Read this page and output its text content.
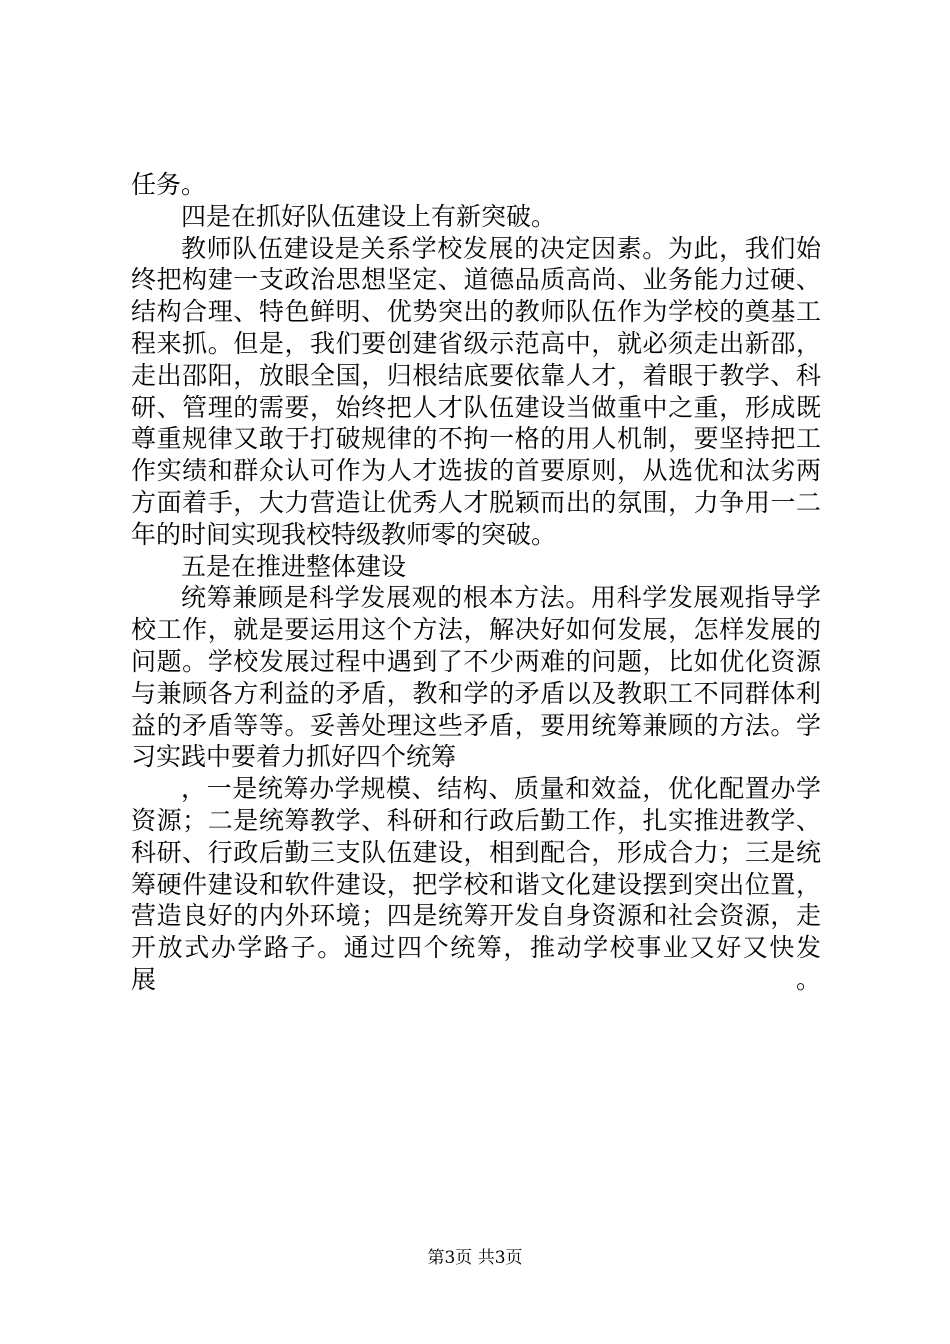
任务。
四是在抓好队伍建设上有新突破。
教师队伍建设是关系学校发展的决定因素。为此，我们始
终把构建一支政治思想坚定、道德品质高尚、业务能力过硬、
结构合理、特色鲜明、优势突出的教师队伍作为学校的奠基工
程来抓。但是，我们要创建省级示范高中，就必须走出新邵，
走出邵阳，放眼全国，归根结底要依靠人才，着眼于教学、科
研、管理的需要，始终把人才队伍建设当做重中之重，形成既
尊重规律又敢于打破规律的不拘一格的用人机制，要坚持把工
作实绩和群众认可作为人才选拔的首要原则，从选优和汰劣两
方面着手，大力营造让优秀人才脱颖而出的氛围，力争用一二
年的时间实现我校特级教师零的突破。
五是在推进整体建设
统筹兼顾是科学发展观的根本方法。用科学发展观指导学
校工作，就是要运用这个方法，解决好如何发展，怎样发展的
问题。学校发展过程中遇到了不少两难的问题，比如优化资源
与兼顾各方利益的矛盾，教和学的矛盾以及教职工不同群体利
益的矛盾等等。妥善处理这些矛盾，要用统筹兼顾的方法。学
习实践中要着力抓好四个统筹
，一是统筹办学规模、结构、质量和效益，优化配置办学
资源；二是统筹教学、科研和行政后勤工作，扎实推进教学、
科研、行政后勤三支队伍建设，相到配合，形成合力；三是统
筹硬件建设和软件建设，把学校和谐文化建设摆到突出位置，
营造良好的内外环境；四是统筹开发自身资源和社会资源，走
开放式办学路子。通过四个统筹，推动学校事业又好又快发展。
第3页 共3页
